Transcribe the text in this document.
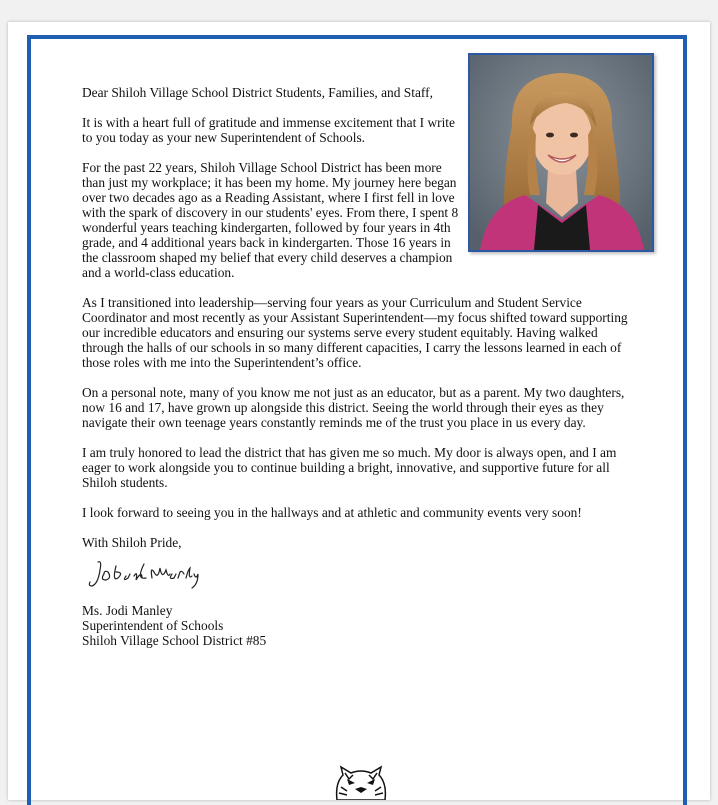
Dear Shiloh Village School District Students, Families, and Staff,

It is with a heart full of gratitude and immense excitement that I write to you today as your new Superintendent of Schools.

For the past 22 years, Shiloh Village School District has been more than just my workplace; it has been my home. My journey here began over two decades ago as a Reading Assistant, where I first fell in love with the spark of discovery in our students' eyes. From there, I spent 8 wonderful years teaching kindergarten, followed by four years in 4th grade, and 4 additional years back in kindergarten. Those 16 years in the classroom shaped my belief that every child deserves a champion and a world-class education.

As I transitioned into leadership—serving four years as your Curriculum and Student Service Coordinator and most recently as your Assistant Superintendent—my focus shifted toward supporting our incredible educators and ensuring our systems serve every student equitably. Having walked through the halls of our schools in so many different capacities, I carry the lessons learned in each of those roles with me into the Superintendent’s office.

On a personal note, many of you know me not just as an educator, but as a parent. My two daughters, now 16 and 17, have grown up alongside this district. Seeing the world through their eyes as they navigate their own teenage years constantly reminds me of the trust you place in us every day.

I am truly honored to lead the district that has given me so much. My door is always open, and I am eager to work alongside you to continue building a bright, innovative, and supportive future for all Shiloh students.

I look forward to seeing you in the hallways and at athletic and community events very soon!

With Shiloh Pride,

Ms. Jodi Manley

Superintendent of Schools

Shiloh Village School District #85
